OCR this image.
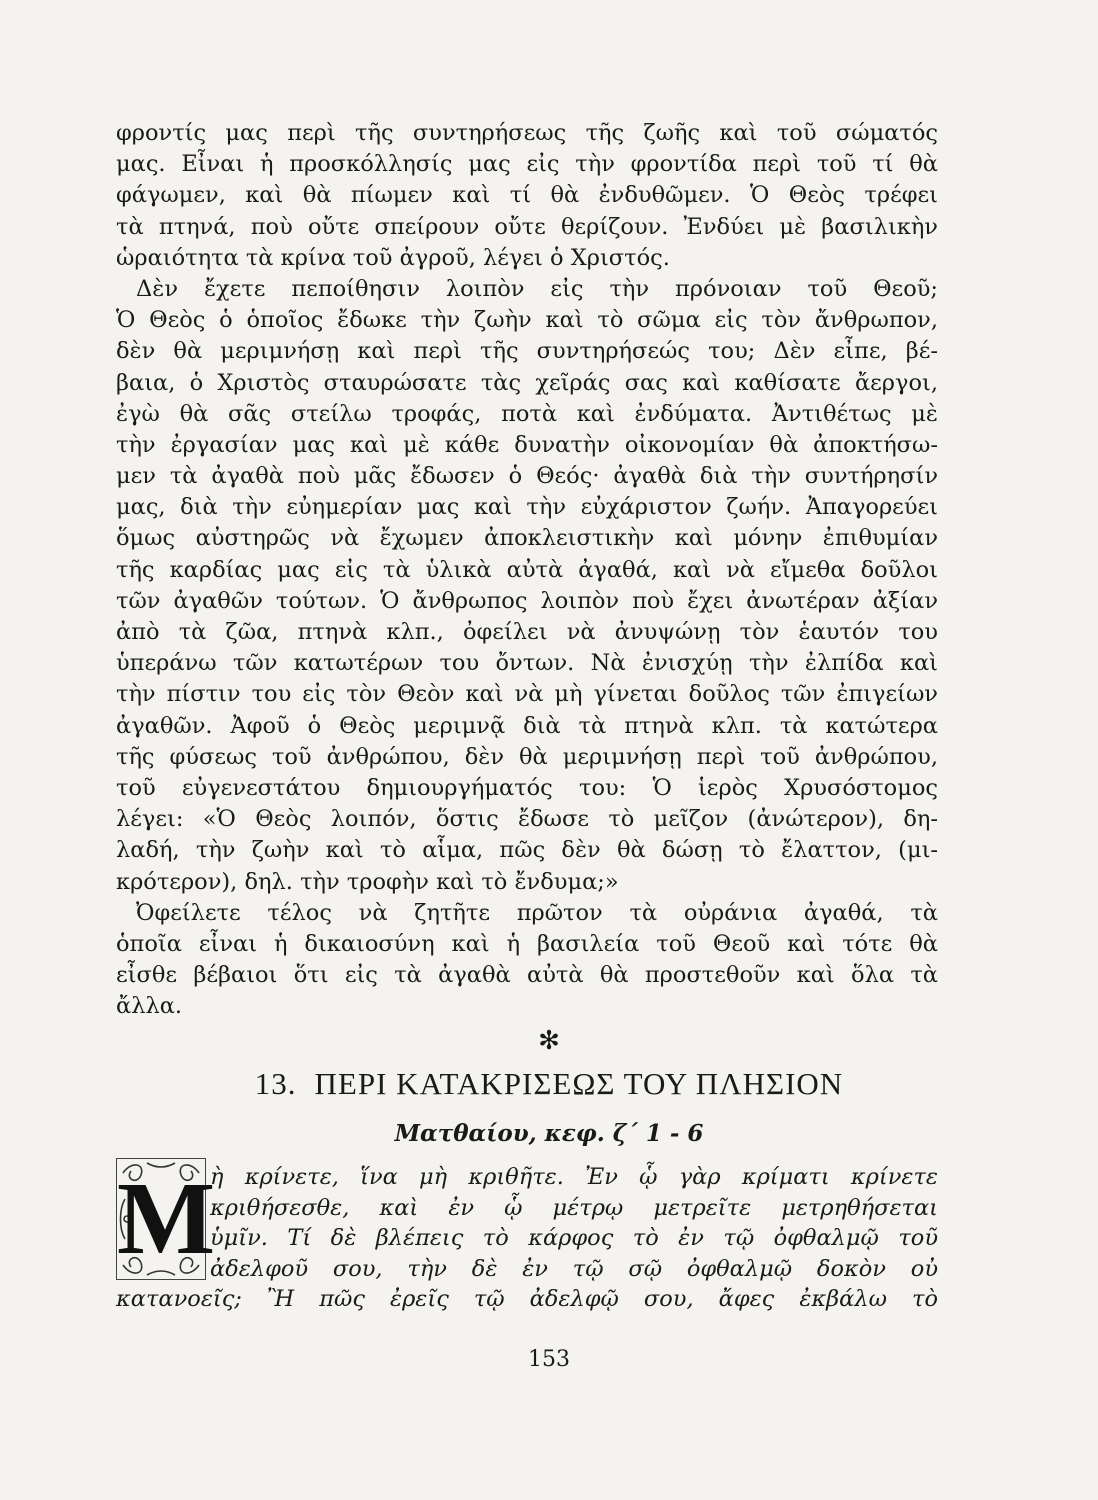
φροντίς μας περὶ τῆς συντηρήσεως τῆς ζωῆς καὶ τοῦ σώματός
μας. Εἶναι ἡ προσκόλλησίς μας εἰς τὴν φροντίδα περὶ τοῦ τί θὰ
φάγωμεν, καὶ θὰ πίωμεν καὶ τί θὰ ἐνδυθῶμεν. Ὁ Θεὸς τρέφει
τὰ πτηνά, ποὺ οὔτε σπείρουν οὔτε θερίζουν. Ἐνδύει μὲ βασιλικὴν
ὡραιότητα τὰ κρίνα τοῦ ἀγροῦ, λέγει ὁ Χριστός.
Δὲν ἔχετε πεποίθησιν λοιπὸν εἰς τὴν πρόνοιαν τοῦ Θεοῦ;
Ὁ Θεὸς ὁ ὁποῖος ἔδωκε τὴν ζωὴν καὶ τὸ σῶμα εἰς τὸν ἄνθρωπον,
δὲν θὰ μεριμνήσῃ καὶ περὶ τῆς συντηρήσεώς του; Δὲν εἶπε, βέ-
βαια, ὁ Χριστὸς σταυρώσατε τὰς χεῖράς σας καὶ καθίσατε ἄεργοι,
ἐγὼ θὰ σᾶς στείλω τροφάς, ποτὰ καὶ ἐνδύματα. Ἀντιθέτως μὲ
τὴν ἐργασίαν μας καὶ μὲ κάθε δυνατὴν οἰκονομίαν θὰ ἀποκτήσω-
μεν τὰ ἀγαθὰ ποὺ μᾶς ἔδωσεν ὁ Θεός· ἀγαθὰ διὰ τὴν συντήρησίν
μας, διὰ τὴν εὐημερίαν μας καὶ τὴν εὐχάριστον ζωήν. Ἀπαγορεύει
ὅμως αὐστηρῶς νὰ ἔχωμεν ἀποκλειστικὴν καὶ μόνην ἐπιθυμίαν
τῆς καρδίας μας εἰς τὰ ὑλικὰ αὐτὰ ἀγαθά, καὶ νὰ εἴμεθα δοῦλοι
τῶν ἀγαθῶν τούτων. Ὁ ἄνθρωπος λοιπὸν ποὺ ἔχει ἀνωτέραν ἀξίαν
ἀπὸ τὰ ζῶα, πτηνὰ κλπ., ὀφείλει νὰ ἀνυψώνῃ τὸν ἑαυτόν του
ὑπεράνω τῶν κατωτέρων του ὄντων. Νὰ ἐνισχύῃ τὴν ἐλπίδα καὶ
τὴν πίστιν του εἰς τὸν Θεὸν καὶ νὰ μὴ γίνεται δοῦλος τῶν ἐπιγείων
ἀγαθῶν. Ἀφοῦ ὁ Θεὸς μεριμνᾷ διὰ τὰ πτηνὰ κλπ. τὰ κατώτερα
τῆς φύσεως τοῦ ἀνθρώπου, δὲν θὰ μεριμνήσῃ περὶ τοῦ ἀνθρώπου,
τοῦ εὐγενεστάτου δημιουργήματός του: Ὁ ἱερὸς Χρυσόστομος
λέγει: «Ὁ Θεὸς λοιπόν, ὅστις ἔδωσε τὸ μεῖζον (ἀνώτερον), δη-
λαδή, τὴν ζωὴν καὶ τὸ αἷμα, πῶς δὲν θὰ δώσῃ τὸ ἔλαττον, (μι-
κρότερον), δηλ. τὴν τροφὴν καὶ τὸ ἔνδυμα;»
Ὀφείλετε τέλος νὰ ζητῆτε πρῶτον τὰ οὐράνια ἀγαθά, τὰ
ὁποῖα εἶναι ἡ δικαιοσύνη καὶ ἡ βασιλεία τοῦ Θεοῦ καὶ τότε θὰ
εἶσθε βέβαιοι ὅτι εἰς τὰ ἀγαθὰ αὐτὰ θὰ προστεθοῦν καὶ ὅλα τὰ
ἄλλα.
✻
13. ΠΕΡΙ ΚΑΤΑΚΡΙΣΕΩΣ ΤΟΥ ΠΛΗΣΙΟΝ
Ματθαίου, κεφ. ζ΄ 1 - 6
M
ὴ κρίνετε, ἵνα μὴ κριθῆτε. Ἐν ᾧ γὰρ κρίματι κρίνετε
κριθήσεσθε, καὶ ἐν ᾧ μέτρῳ μετρεῖτε μετρηθήσεται
ὑμῖν. Τί δὲ βλέπεις τὸ κάρφος τὸ ἐν τῷ ὀφθαλμῷ τοῦ
ἀδελφοῦ σου, τὴν δὲ ἐν τῷ σῷ ὀφθαλμῷ δοκὸν οὐ
κατανοεῖς; Ἢ πῶς ἐρεῖς τῷ ἀδελφῷ σου, ἄφες ἐκβάλω τὸ
153
